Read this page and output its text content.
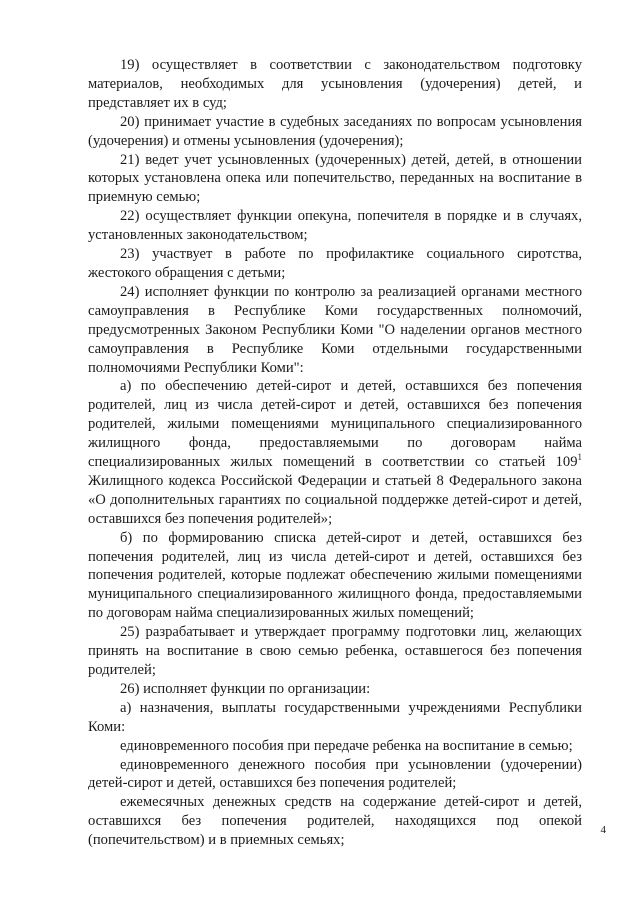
19) осуществляет в соответствии с законодательством подготовку материалов, необходимых для усыновления (удочерения) детей, и представляет их в суд;

20) принимает участие в судебных заседаниях по вопросам усыновления (удочерения) и отмены усыновления (удочерения);

21) ведет учет усыновленных (удочеренных) детей, детей, в отношении которых установлена опека или попечительство, переданных на воспитание в приемную семью;

22) осуществляет функции опекуна, попечителя в порядке и в случаях, установленных законодательством;

23) участвует в работе по профилактике социального сиротства, жестокого обращения с детьми;

24) исполняет функции по контролю за реализацией органами местного самоуправления в Республике Коми государственных полномочий, предусмотренных Законом Республики Коми "О наделении органов местного самоуправления в Республике Коми отдельными государственными полномочиями Республики Коми":

а) по обеспечению детей-сирот и детей, оставшихся без попечения родителей, лиц из числа детей-сирот и детей, оставшихся без попечения родителей, жилыми помещениями муниципального специализированного жилищного фонда, предоставляемыми по договорам найма специализированных жилых помещений в соответствии со статьей $109^1$ Жилищного кодекса Российской Федерации и статьей 8 Федерального закона «О дополнительных гарантиях по социальной поддержке детей-сирот и детей, оставшихся без попечения родителей»;

б) по формированию списка детей-сирот и детей, оставшихся без попечения родителей, лиц из числа детей-сирот и детей, оставшихся без попечения родителей, которые подлежат обеспечению жилыми помещениями муниципального специализированного жилищного фонда, предоставляемыми по договорам найма специализированных жилых помещений;

25) разрабатывает и утверждает программу подготовки лиц, желающих принять на воспитание в свою семью ребенка, оставшегося без попечения родителей;

26) исполняет функции по организации:

а) назначения, выплаты государственными учреждениями Республики Коми:

единовременного пособия при передаче ребенка на воспитание в семью;

единовременного денежного пособия при усыновлении (удочерении) детей-сирот и детей, оставшихся без попечения родителей;

ежемесячных денежных средств на содержание детей-сирот и детей, оставшихся без попечения родителей, находящихся под опекой (попечительством) и в приемных семьях;

4
